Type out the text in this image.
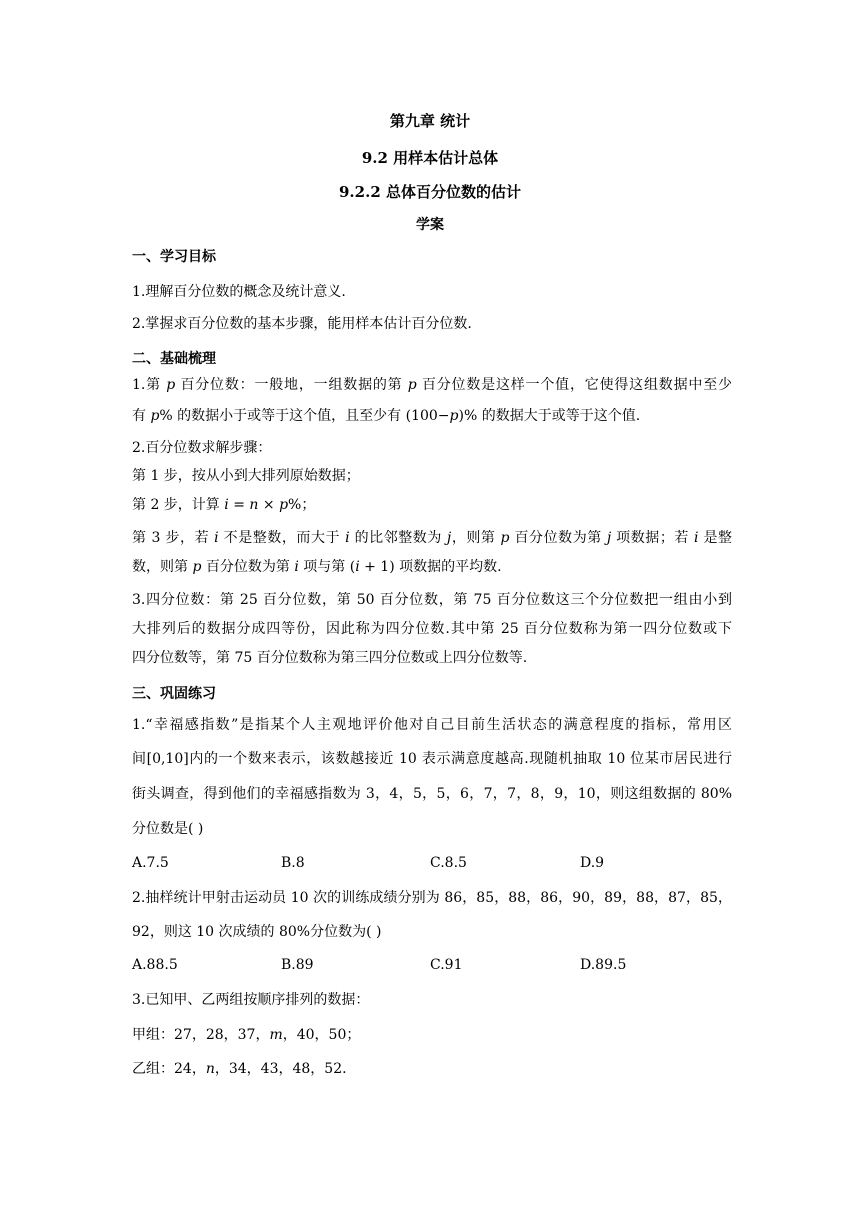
第九章 统计
9.2 用样本估计总体
9.2.2 总体百分位数的估计
学案
一、学习目标
1.理解百分位数的概念及统计意义.
2.掌握求百分位数的基本步骤，能用样本估计百分位数.
二、基础梳理
1.第 p 百分位数：一般地，一组数据的第 p 百分位数是这样一个值，它使得这组数据中至少
有 p% 的数据小于或等于这个值，且至少有 (100−p)% 的数据大于或等于这个值.
2.百分位数求解步骤：
第 1 步，按从小到大排列原始数据；
第 2 步，计算 i = n × p%；
第 3 步，若 i 不是整数，而大于 i 的比邻整数为 j，则第 p 百分位数为第 j 项数据；若 i 是整
数，则第 p 百分位数为第 i 项与第 (i + 1) 项数据的平均数.
3.四分位数：第 25 百分位数，第 50 百分位数，第 75 百分位数这三个分位数把一组由小到
大排列后的数据分成四等份，因此称为四分位数.其中第 25 百分位数称为第一四分位数或下
四分位数等，第 75 百分位数称为第三四分位数或上四分位数等.
三、巩固练习
1.“幸福感指数”是指某个人主观地评价他对自己目前生活状态的满意程度的指标，常用区
间[0,10]内的一个数来表示，该数越接近 10 表示满意度越高.现随机抽取 10 位某市居民进行
街头调查，得到他们的幸福感指数为 3，4，5，5，6，7，7，8，9，10，则这组数据的 80%
分位数是( )
A.7.5	B.8	C.8.5	D.9
2.抽样统计甲射击运动员 10 次的训练成绩分别为 86，85，88，86，90，89，88，87，85，
92，则这 10 次成绩的 80%分位数为( )
A.88.5	B.89	C.91	D.89.5
3.已知甲、乙两组按顺序排列的数据：
甲组：27，28，37，m，40，50；
乙组：24，n，34，43，48，52.
